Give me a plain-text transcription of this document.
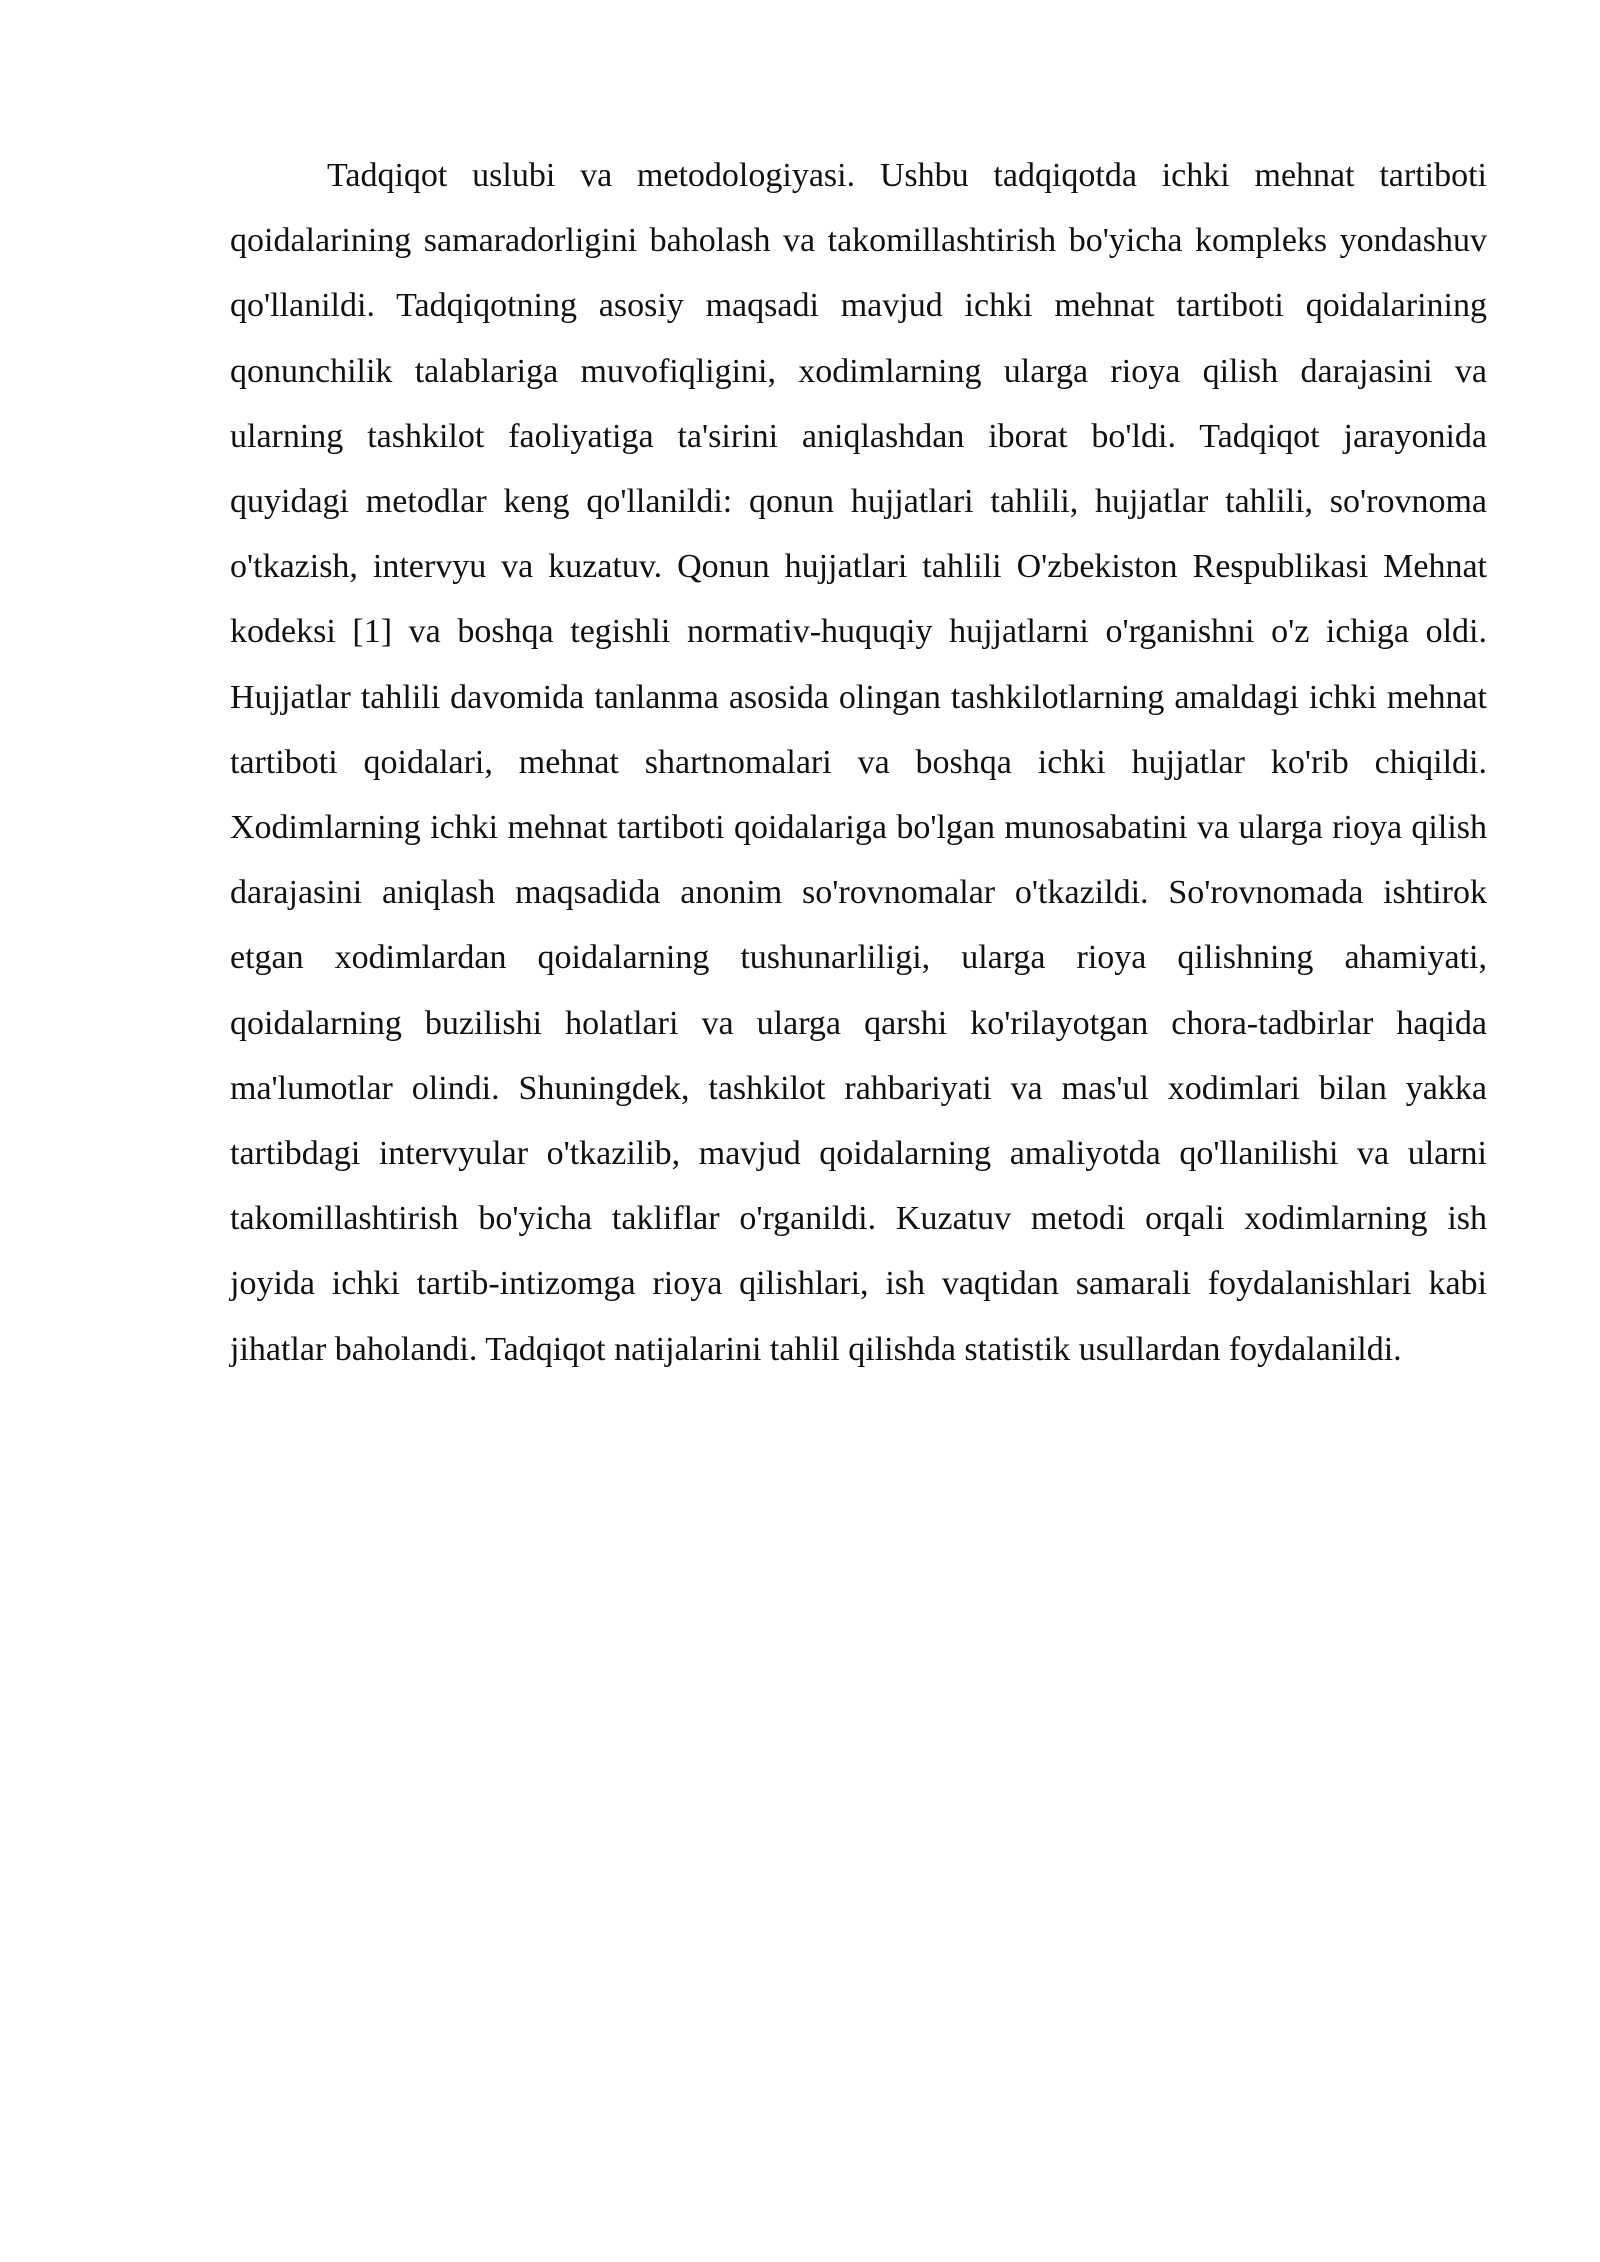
Tadqiqot uslubi va metodologiyasi. Ushbu tadqiqotda ichki mehnat tartiboti qoidalarining samaradorligini baholash va takomillashtirish bo'yicha kompleks yondashuv qo'llanildi. Tadqiqotning asosiy maqsadi mavjud ichki mehnat tartiboti qoidalarining qonunchilik talablariga muvofiqligini, xodimlarning ularga rioya qilish darajasini va ularning tashkilot faoliyatiga ta'sirini aniqlashdan iborat bo'ldi. Tadqiqot jarayonida quyidagi metodlar keng qo'llanildi: qonun hujjatlari tahlili, hujjatlar tahlili, so'rovnoma o'tkazish, intervyu va kuzatuv. Qonun hujjatlari tahlili O'zbekiston Respublikasi Mehnat kodeksi [1] va boshqa tegishli normativ-huquqiy hujjatlarni o'rganishni o'z ichiga oldi. Hujjatlar tahlili davomida tanlanma asosida olingan tashkilotlarning amaldagi ichki mehnat tartiboti qoidalari, mehnat shartnomalari va boshqa ichki hujjatlar ko'rib chiqildi. Xodimlarning ichki mehnat tartiboti qoidalariga bo'lgan munosabatini va ularga rioya qilish darajasini aniqlash maqsadida anonim so'rovnomalar o'tkazildi. So'rovnomada ishtirok etgan xodimlardan qoidalarning tushunarliligi, ularga rioya qilishning ahamiyati, qoidalarning buzilishi holatlari va ularga qarshi ko'rilayotgan chora-tadbirlar haqida ma'lumotlar olindi. Shuningdek, tashkilot rahbariyati va mas'ul xodimlari bilan yakka tartibdagi intervyular o'tkazilib, mavjud qoidalarning amaliyotda qo'llanilishi va ularni takomillashtirish bo'yicha takliflar o'rganildi. Kuzatuv metodi orqali xodimlarning ish joyida ichki tartib-intizomga rioya qilishlari, ish vaqtidan samarali foydalanishlari kabi jihatlar baholandi. Tadqiqot natijalarini tahlil qilishda statistik usullardan foydalanildi.
